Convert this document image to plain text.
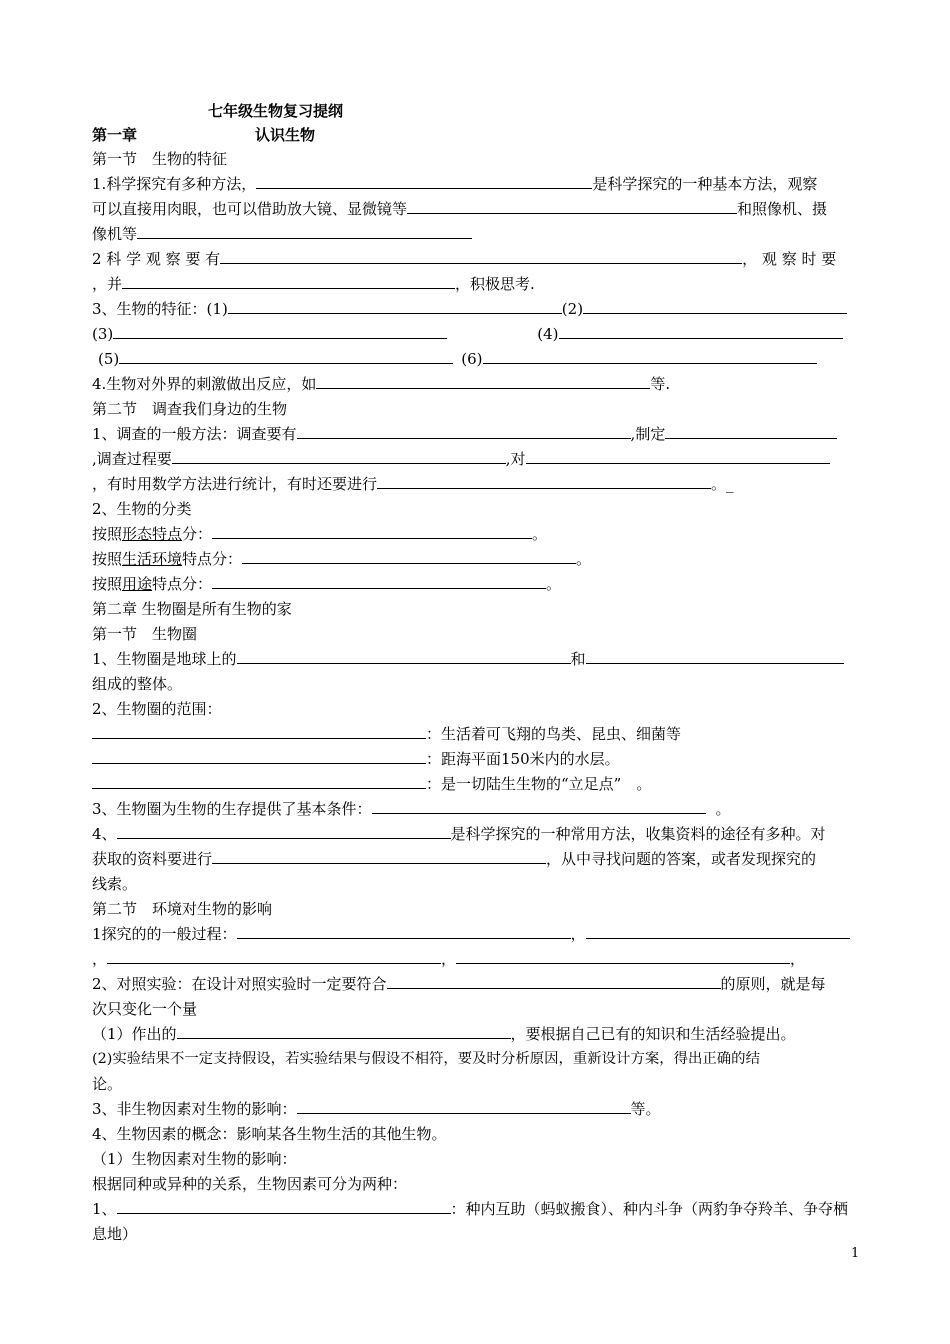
七年级生物复习提纲
第一章	认识生物
第一节　生物的特征
1.科学探究有多种方法，	是科学探究的一种基本方法，观察
可以直接用肉眼，也可以借助放大镜、显微镜等	和照像机、摄
像机等
2 科 学 观 察 要 有	， 观 察 时 要
，并	，积极思考.
3、生物的特征：(1)	(2)
(3)	(4)
(5)	(6)
4.生物对外界的刺激做出反应，如	等.
第二节　调查我们身边的生物
1、调查的一般方法：调查要有	,制定
,调查过程要	,对
，有时用数学方法进行统计，有时还要进行	。_
2、生物的分类
按照形态特点分：	。
按照生活环境特点分：	。
按照用途特点分：	。
第二章 生物圈是所有生物的家
第一节　生物圈
1、生物圈是地球上的	和
组成的整体。
2、生物圈的范围：
：生活着可飞翔的鸟类、昆虫、细菌等
：距海平面150米内的水层。
：是一切陆生生物的“立足点”　。
3、生物圈为生物的生存提供了基本条件：	。
4、	是科学探究的一种常用方法，收集资料的途径有多种。对
获取的资料要进行	，从中寻找问题的答案，或者发现探究的
线索。
第二节　环境对生物的影响
1探究的的一般过程：	，
，	，	，
2、对照实验：在设计对照实验时一定要符合	的原则，就是每
次只变化一个量
（1）作出的	，要根据自己已有的知识和生活经验提出。
(2)实验结果不一定支持假设，若实验结果与假设不相符，要及时分析原因，重新设计方案，得出正确的结
论。
3、非生物因素对生物的影响：	等。
4、生物因素的概念：影响某各生物生活的其他生物。
（1）生物因素对生物的影响：
根据同种或异种的关系，生物因素可分为两种：
1、	：种内互助（蚂蚁搬食）、种内斗争（两豹争夺羚羊、争夺栖
息地）
1
